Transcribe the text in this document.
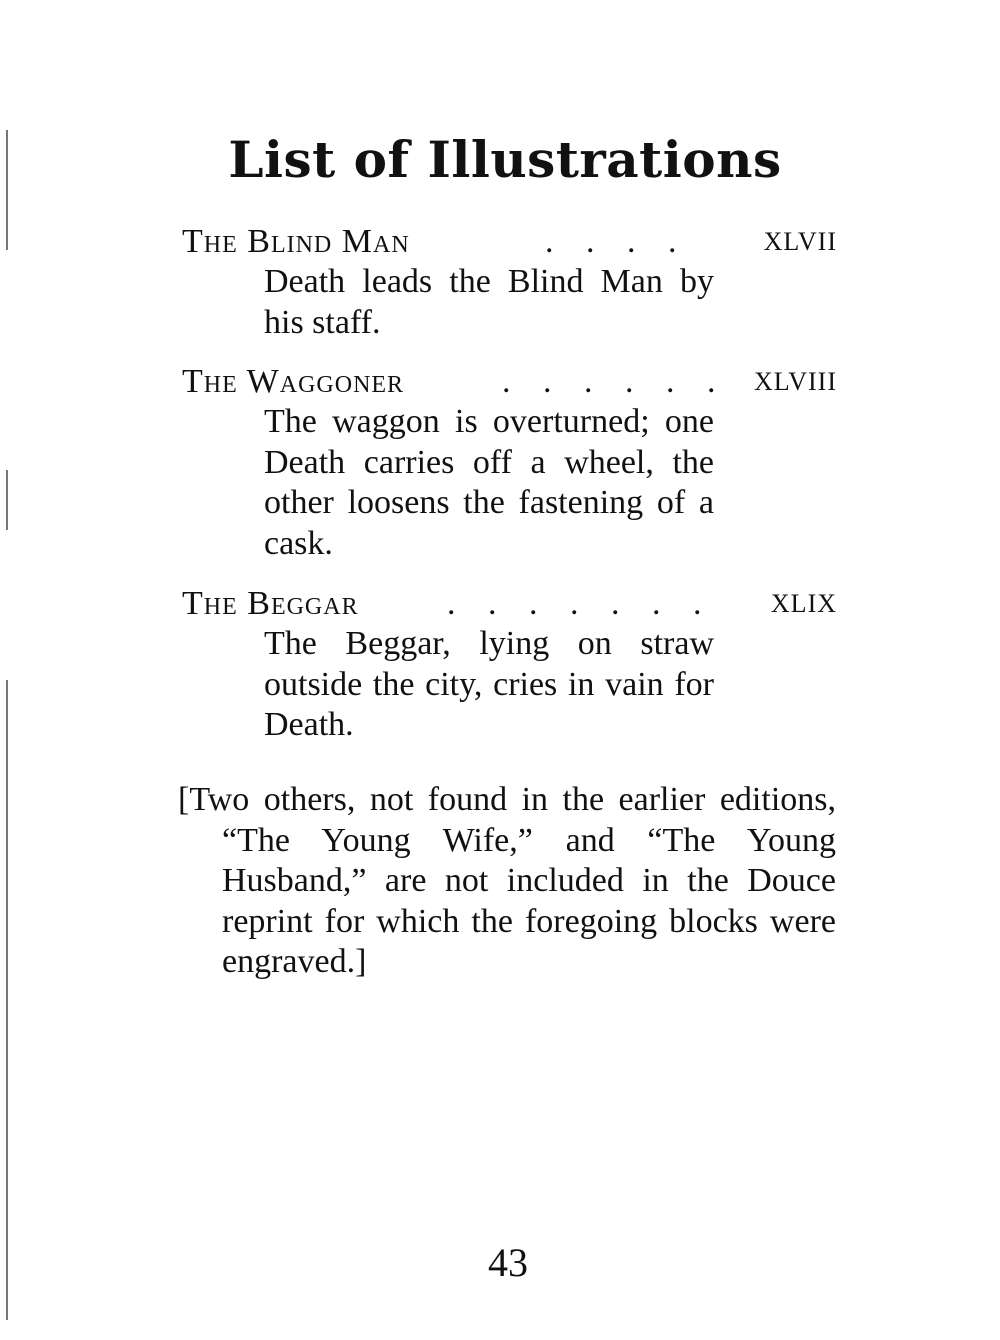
List of Illustrations
The Blind Man	. . . .	XLVII
Death leads the Blind Man by his staff.
The Waggoner	. . . . . . XLVIII
The waggon is overturned; one Death carries off a wheel, the other loosens the fastening of a cask.
The Beggar	. . . . . . . XLIX
The Beggar, lying on straw outside the city, cries in vain for Death.
[Two others, not found in the earlier editions, “The Young Wife,” and “The Young Husband,” are not included in the Douce reprint for which the foregoing blocks were engraved.]
43
